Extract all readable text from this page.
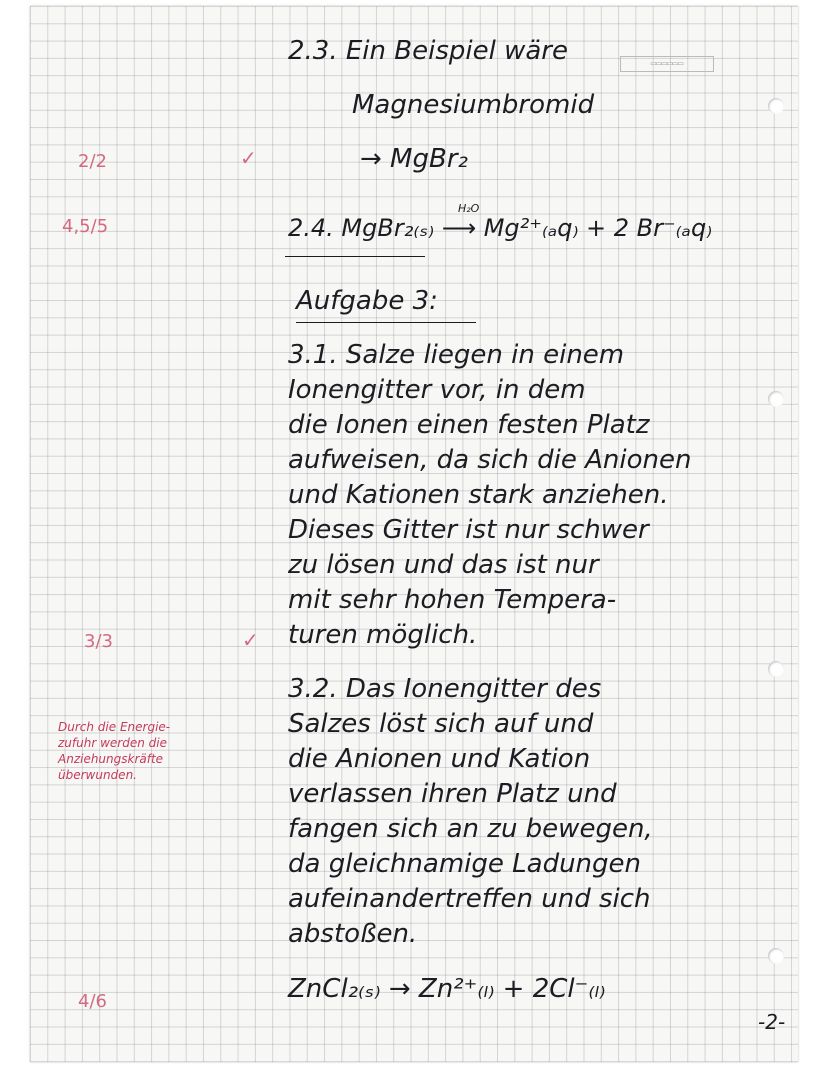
▭▭▭▭▭▭
2.3. Ein Beispiel wäre
Magnesiumbromid
→ MgBr₂
H₂O
2.4. MgBr₂₍ₛ₎ ⟶ Mg²⁺₍ₐq₎ + 2 Br⁻₍ₐq₎
Aufgabe 3:
3.1. Salze liegen in einem
Ionengitter vor, in dem
die Ionen einen festen Platz
aufweisen, da sich die Anionen
und Kationen stark anziehen.
Dieses Gitter ist nur schwer
zu lösen und das ist nur
mit sehr hohen Tempera-
turen möglich.
3.2. Das Ionengitter des
Salzes löst sich auf und
die Anionen und Kation
verlassen ihren Platz und
fangen sich an zu bewegen,
da gleichnamige Ladungen
aufeinandertreffen und sich
abstoßen.
ZnCl₂₍ₛ₎ → Zn²⁺₍ₗ₎ + 2Cl⁻₍ₗ₎
-2-
2/2	✓
4,5/5
3/3	✓
Durch die Energie-
zufuhr werden die
Anziehungskräfte
überwunden.
4/6
